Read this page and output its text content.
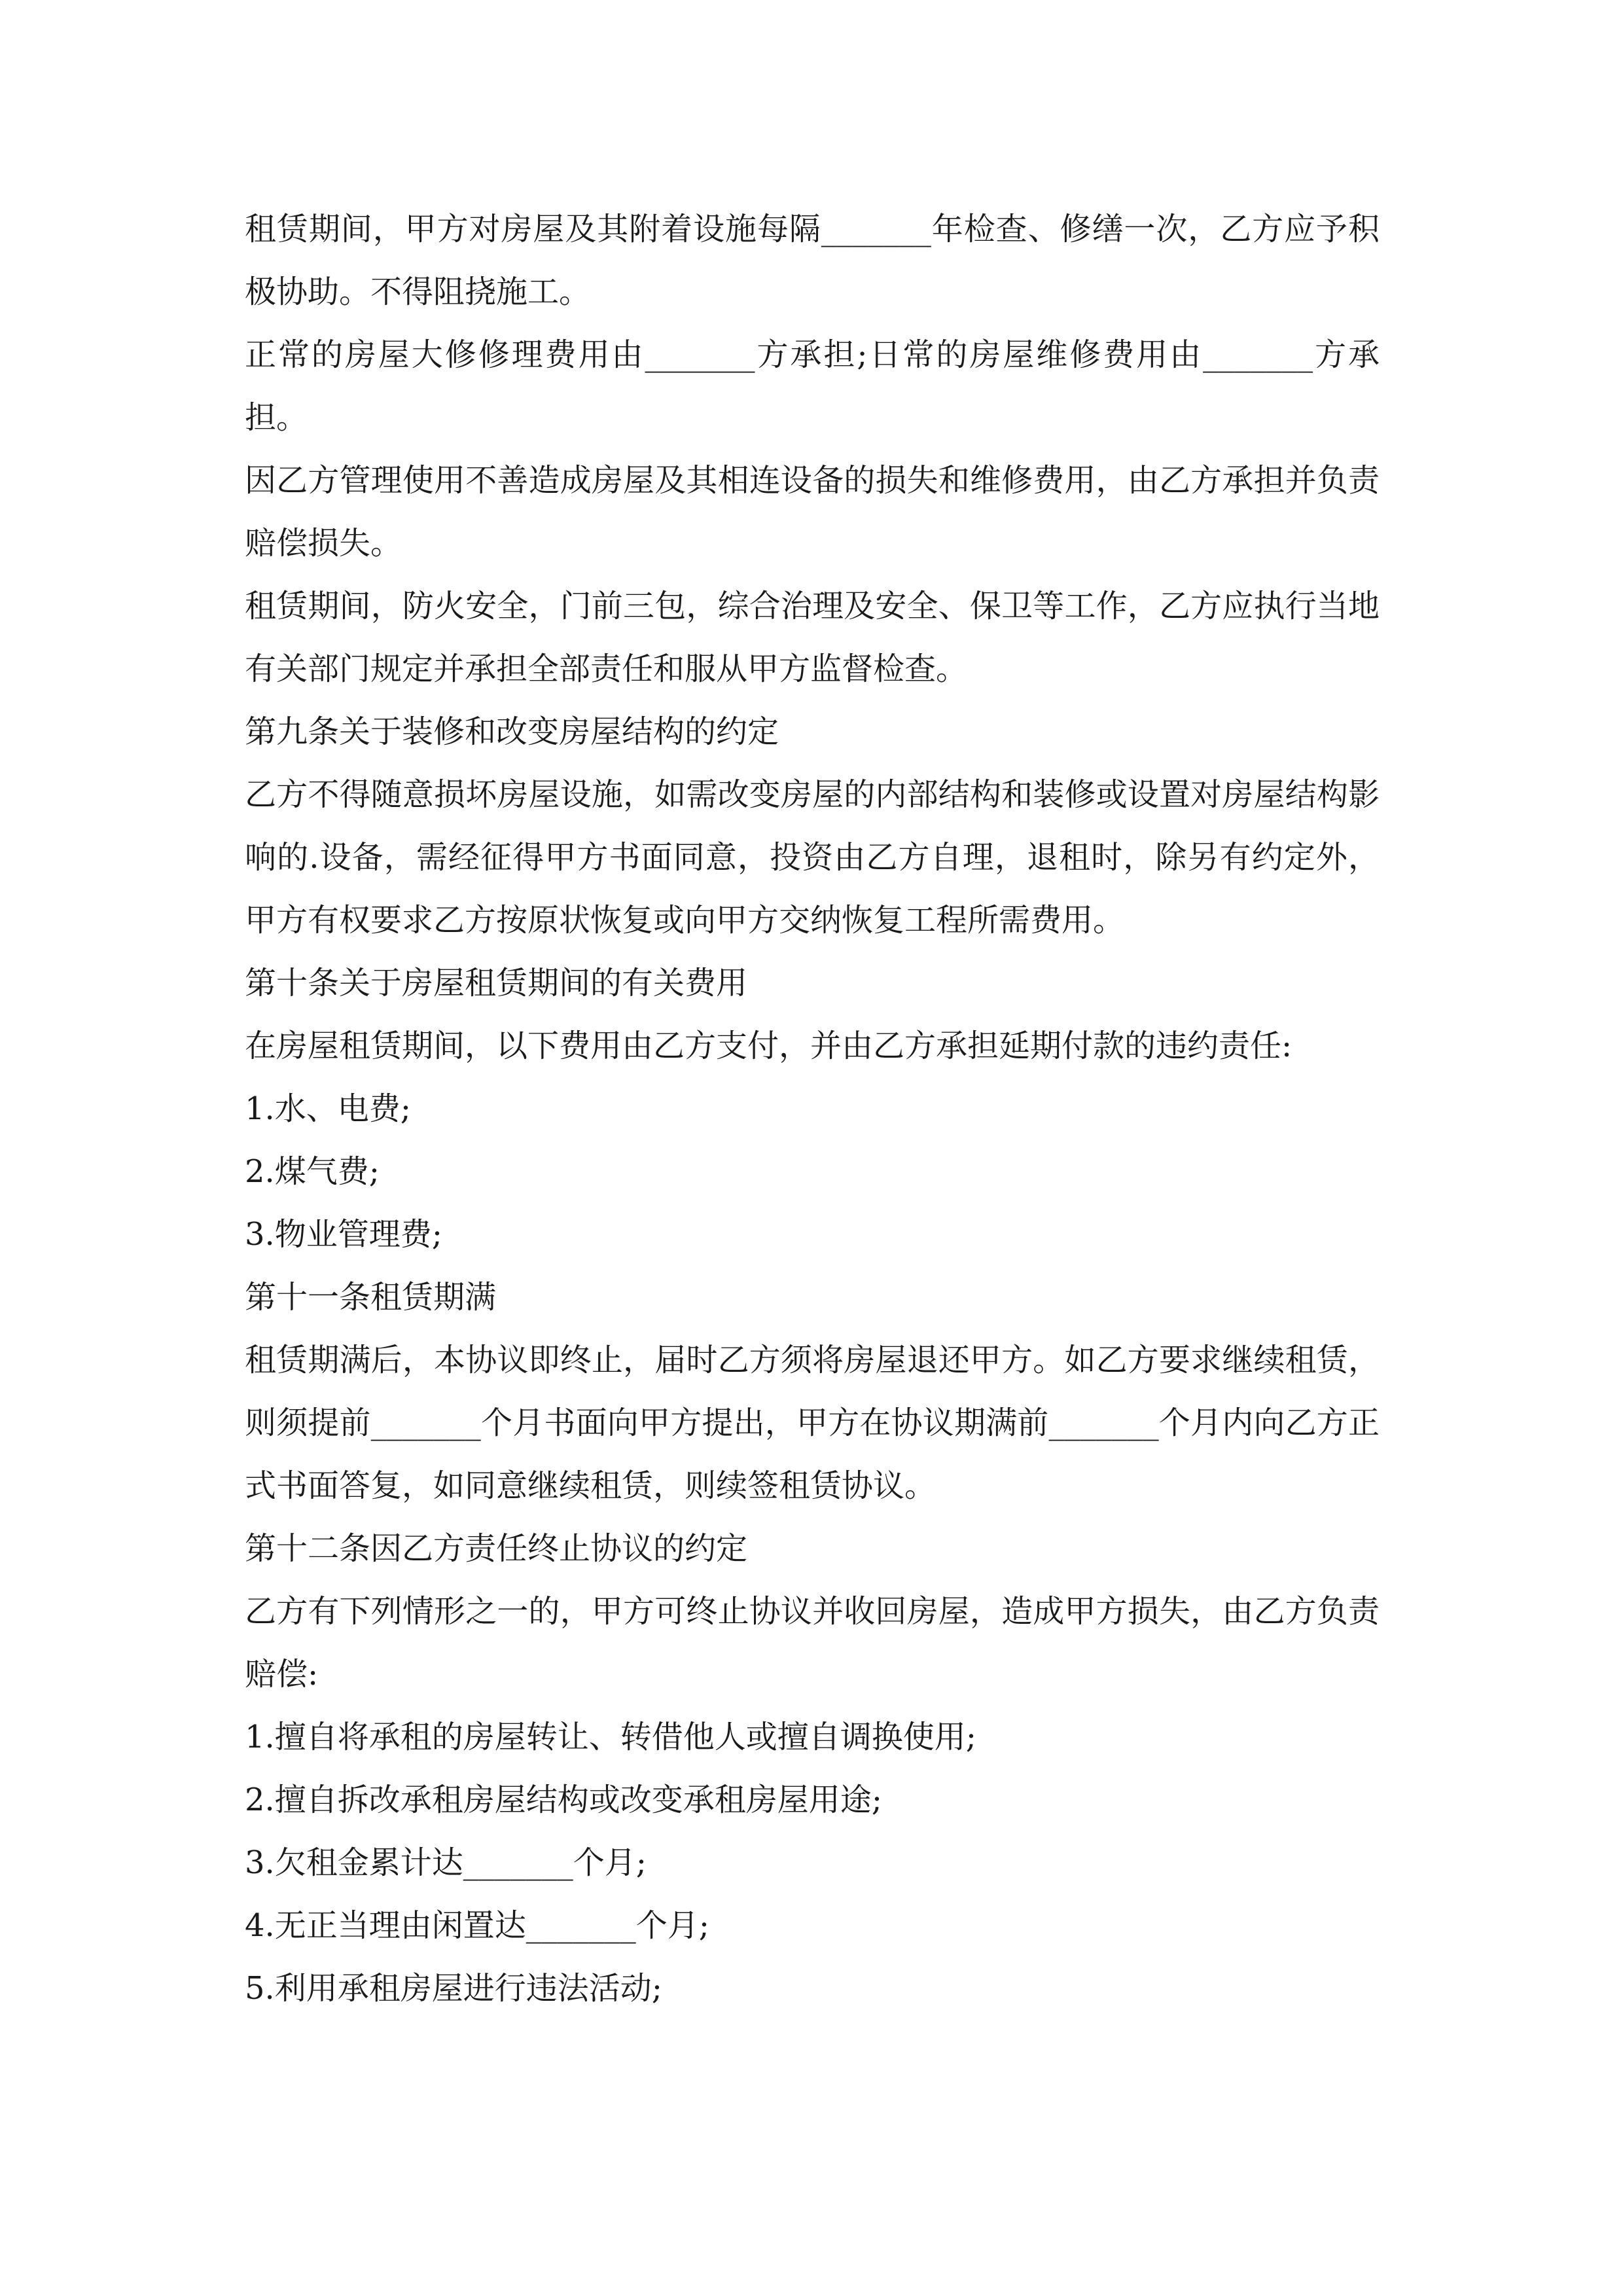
租赁期间，甲方对房屋及其附着设施每隔_______年检查、修缮一次，乙方应予积极协助。不得阻挠施工。

正常的房屋大修修理费用由_______方承担;日常的房屋维修费用由_______方承担。

因乙方管理使用不善造成房屋及其相连设备的损失和维修费用，由乙方承担并负责赔偿损失。

租赁期间，防火安全，门前三包，综合治理及安全、保卫等工作，乙方应执行当地有关部门规定并承担全部责任和服从甲方监督检查。

第九条关于装修和改变房屋结构的约定

乙方不得随意损坏房屋设施，如需改变房屋的内部结构和装修或设置对房屋结构影响的.设备，需经征得甲方书面同意，投资由乙方自理，退租时，除另有约定外，甲方有权要求乙方按原状恢复或向甲方交纳恢复工程所需费用。

第十条关于房屋租赁期间的有关费用

在房屋租赁期间，以下费用由乙方支付，并由乙方承担延期付款的违约责任:

1.水、电费;

2.煤气费;

3.物业管理费;

第十一条租赁期满

租赁期满后，本协议即终止，届时乙方须将房屋退还甲方。如乙方要求继续租赁，则须提前_______个月书面向甲方提出，甲方在协议期满前_______个月内向乙方正式书面答复，如同意继续租赁，则续签租赁协议。

第十二条因乙方责任终止协议的约定

乙方有下列情形之一的，甲方可终止协议并收回房屋，造成甲方损失，由乙方负责赔偿:

1.擅自将承租的房屋转让、转借他人或擅自调换使用;

2.擅自拆改承租房屋结构或改变承租房屋用途;

3.欠租金累计达_______个月;

4.无正当理由闲置达_______个月;

5.利用承租房屋进行违法活动;
